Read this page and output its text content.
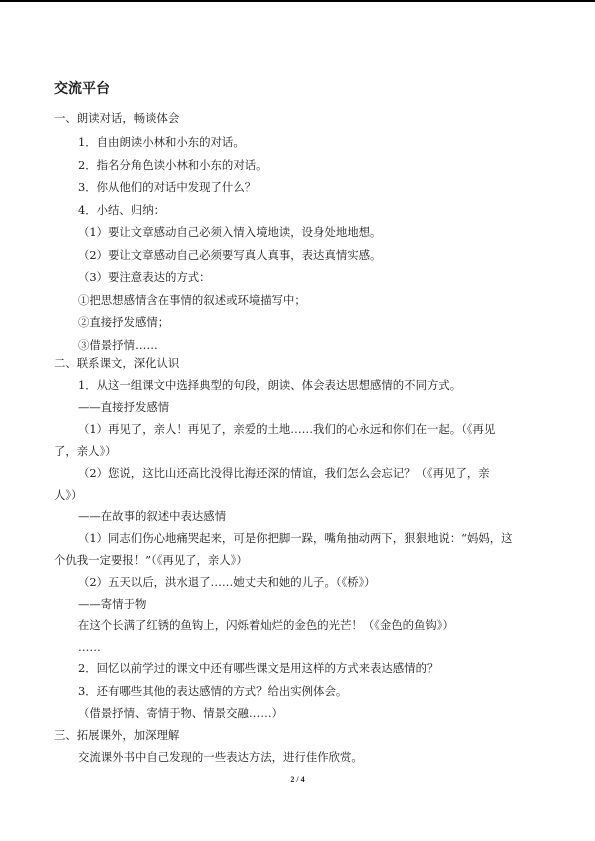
交流平台
一、朗读对话，畅谈体会
1．自由朗读小林和小东的对话。
2．指名分角色读小林和小东的对话。
3．你从他们的对话中发现了什么？
4．小结、归纳：
（1）要让文章感动自己必须入情入境地读，设身处地地想。
（2）要让文章感动自己必须要写真人真事，表达真情实感。
（3）要注意表达的方式：
①把思想感情含在事情的叙述或环境描写中；
②直接抒发感情；
③借景抒情……
二、联系课文，深化认识
1．从这一组课文中选择典型的句段，朗读、体会表达思想感情的不同方式。
——直接抒发感情
（1）再见了，亲人！再见了，亲爱的土地……我们的心永远和你们在一起。（《再见
了，亲人》）
（2）您说，这比山还高比没得比海还深的情谊，我们怎么会忘记？（《再见了，亲
人》）
——在故事的叙述中表达感情
（1）同志们伤心地痛哭起来，可是你把脚一跺，嘴角抽动两下，狠狠地说：“妈妈，这
个仇我一定要报！”（《再见了，亲人》）
（2）五天以后，洪水退了……她丈夫和她的儿子。（《桥》）
——寄情于物
在这个长满了红锈的鱼钩上，闪烁着灿烂的金色的光芒！（《金色的鱼钩》）
……
2．回忆以前学过的课文中还有哪些课文是用这样的方式来表达感情的？
3．还有哪些其他的表达感情的方式？给出实例体会。
（借景抒情、寄情于物、情景交融……）
三、拓展课外，加深理解
交流课外书中自己发现的一些表达方法，进行佳作欣赏。
2 / 4
